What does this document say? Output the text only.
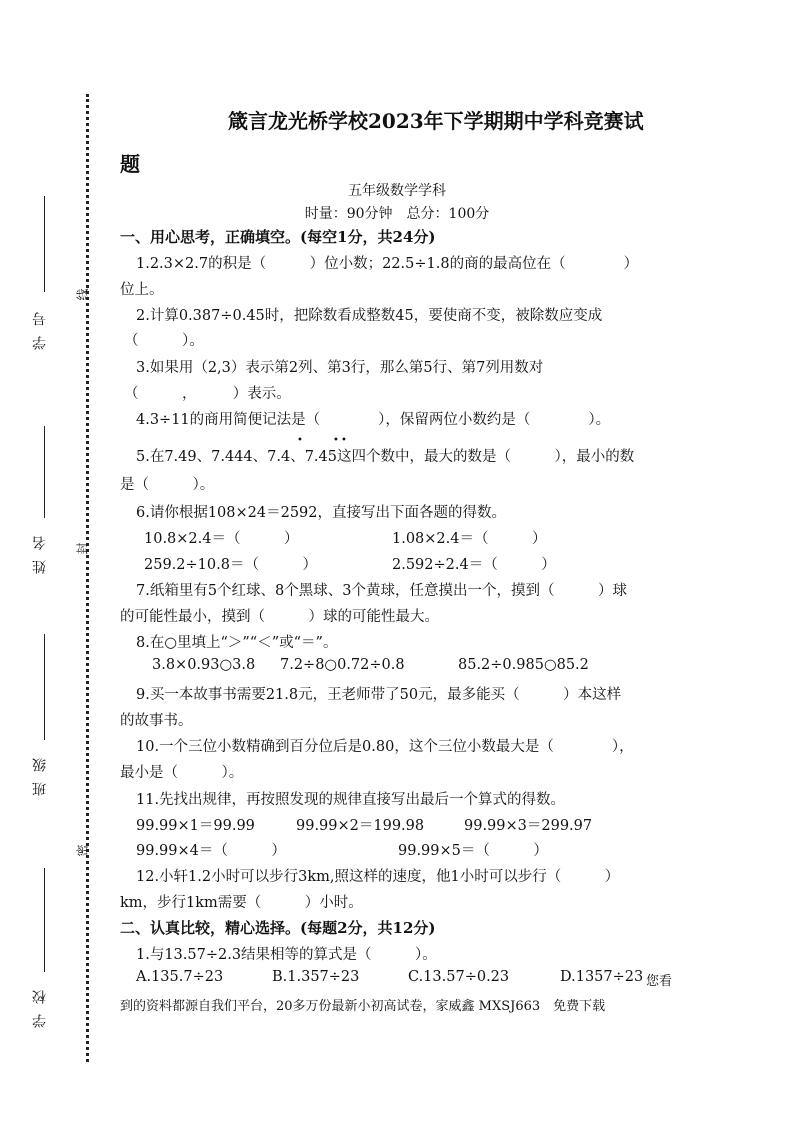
学号
姓名
班级
学校
线
封
密
箴言龙光桥学校2023年下学期期中学科竞赛试
题
五年级数学学科
时量：90分钟　总分：100分
一、用心思考，正确填空。(每空1分，共24分)
1.2.3×2.7的积是（　　　）位小数；22.5÷1.8的商的最高位在（　　　　）
位上。
2.计算0.387÷0.45时，把除数看成整数45，要使商不变，被除数应变成
（　　　）。
3.如果用（2,3）表示第2列、第3行，那么第5行、第7列用数对
（　　　，　　　）表示。
4.3÷11的商用简便记法是（　　　　），保留两位小数约是（　　　　）。
•	• •
5.在7.49、7.444、7.4、7.45这四个数中，最大的数是（　　　），最小的数
是（　　　）。
6.请你根据108×24＝2592，直接写出下面各题的得数。
10.8×2.4＝（　　　）	1.08×2.4＝（　　　）
259.2÷10.8＝（　　　）	2.592÷2.4＝（　　　）
7.纸箱里有5个红球、8个黑球、3个黄球，任意摸出一个，摸到（　　　）球
的可能性最小，摸到（　　　）球的可能性最大。
8.在○里填上“＞”“＜”或“＝”。
3.8×0.93○3.8 7.2÷8○0.72÷0.8	85.2÷0.985○85.2
9.买一本故事书需要21.8元，王老师带了50元，最多能买（　　　）本这样
的故事书。
10.一个三位小数精确到百分位后是0.80，这个三位小数最大是（　　　　），
最小是（　　　）。
11.先找出规律，再按照发现的规律直接写出最后一个算式的得数。
99.99×1＝99.99	99.99×2＝199.98	99.99×3＝299.97
99.99×4＝（　　　）	99.99×5＝（　　　）
12.小轩1.2小时可以步行3km,照这样的速度，他1小时可以步行（　　　）
km，步行1km需要（　　　）小时。
二、认真比较，精心选择。(每题2分，共12分)
1.与13.57÷2.3结果相等的算式是（　　　）。
A.135.7÷23	B.1.357÷23	C.13.57÷0.23	D.1357÷23 您看
到的资料都源自我们平台，20多万份最新小初高试卷，家威鑫 MXSJ663　免费下载
